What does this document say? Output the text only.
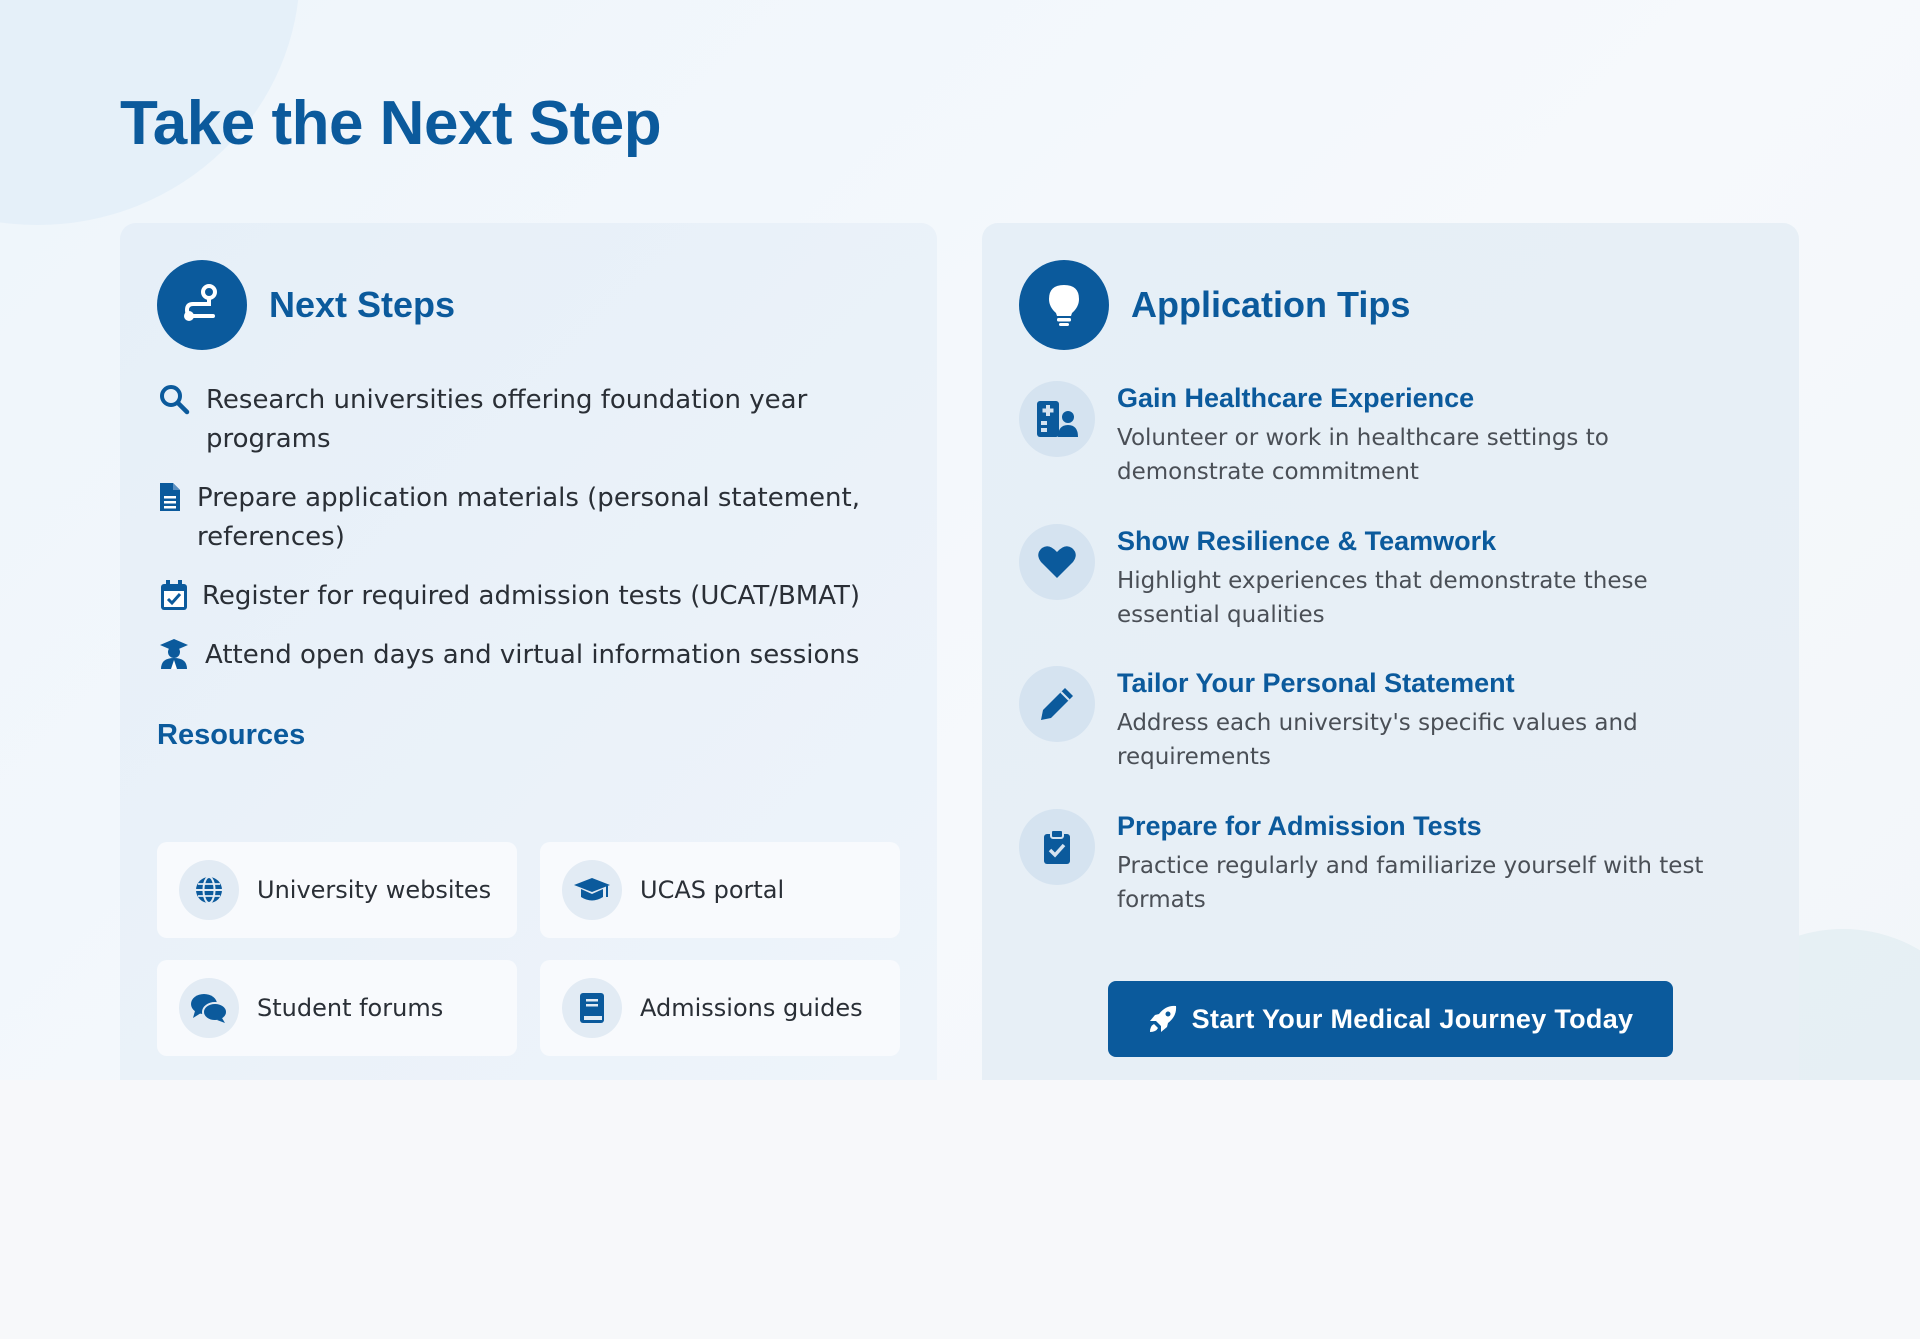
Take the Next Step
Next Steps
Research universities offering foundation year programs
Prepare application materials (personal statement, references)
Register for required admission tests (UCAT/BMAT)
Attend open days and virtual information sessions
Resources
University websites	UCAS portal
Student forums	Admissions guides
Application Tips
Gain Healthcare Experience
Volunteer or work in healthcare settings to demonstrate commitment
Show Resilience & Teamwork
Highlight experiences that demonstrate these essential qualities
Tailor Your Personal Statement
Address each university's specific values and requirements
Prepare for Admission Tests
Practice regularly and familiarize yourself with test formats
Start Your Medical Journey Today
